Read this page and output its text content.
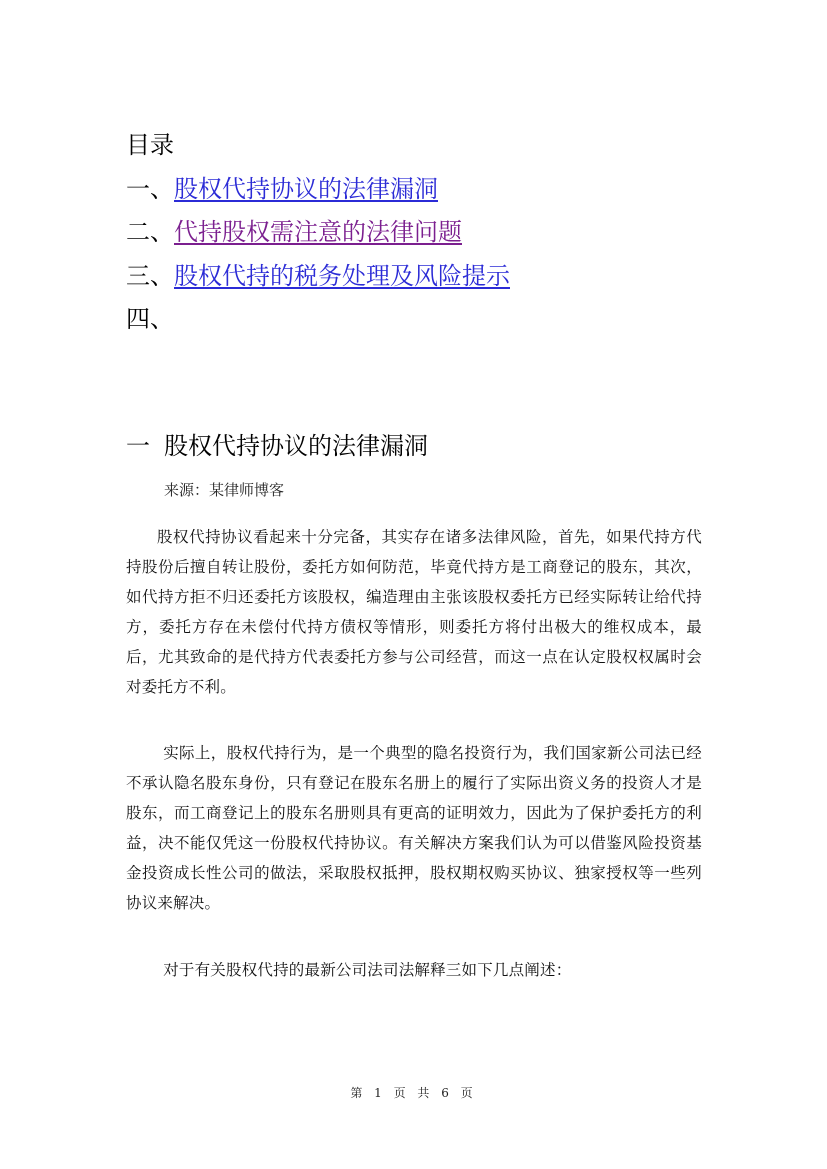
目录
一、股权代持协议的法律漏洞
二、代持股权需注意的法律问题
三、股权代持的税务处理及风险提示
四、
一 股权代持协议的法律漏洞
来源：某律师博客

股权代持协议看起来十分完备，其实存在诸多法律风险，首先，如果代持方代持股份后擅自转让股份，委托方如何防范，毕竟代持方是工商登记的股东，其次，如代持方拒不归还委托方该股权，编造理由主张该股权委托方已经实际转让给代持方，委托方存在未偿付代持方债权等情形，则委托方将付出极大的维权成本，最后，尤其致命的是代持方代表委托方参与公司经营，而这一点在认定股权权属时会对委托方不利。

实际上，股权代持行为，是一个典型的隐名投资行为，我们国家新公司法已经不承认隐名股东身份，只有登记在股东名册上的履行了实际出资义务的投资人才是股东，而工商登记上的股东名册则具有更高的证明效力，因此为了保护委托方的利益，决不能仅凭这一份股权代持协议。有关解决方案我们认为可以借鉴风险投资基金投资成长性公司的做法，采取股权抵押，股权期权购买协议、独家授权等一些列协议来解决。

对于有关股权代持的最新公司法司法解释三如下几点阐述：

第 1 页 共 6 页
